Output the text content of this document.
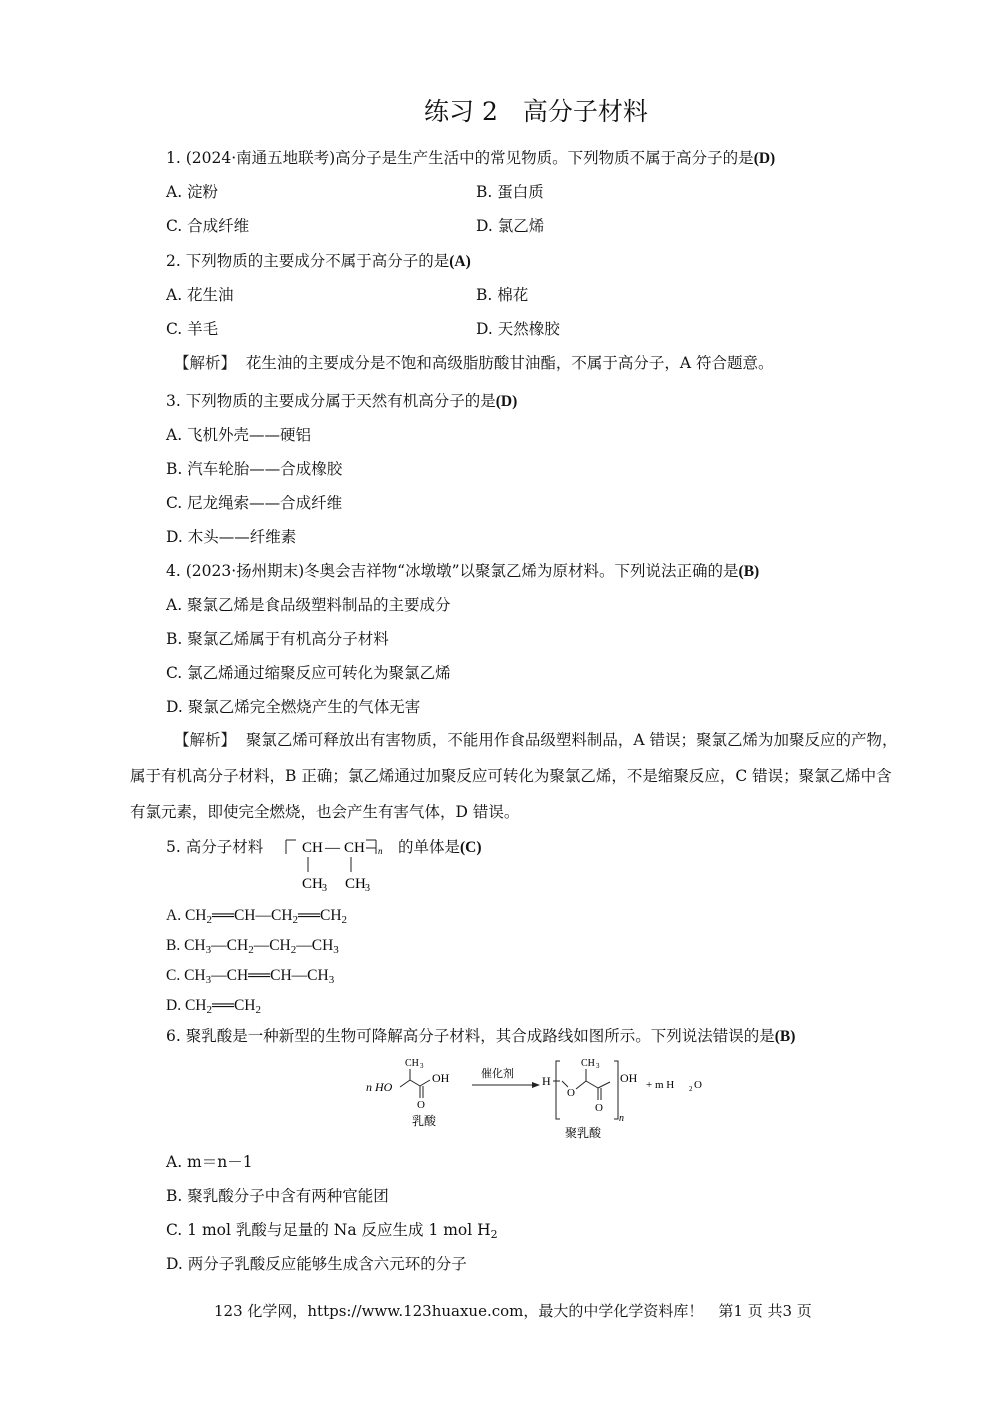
练习 2　高分子材料
1. (2024·南通五地联考)高分子是生产生活中的常见物质。下列物质不属于高分子的是(D)
A. 淀粉	B. 蛋白质
C. 合成纤维	D. 氯乙烯
2. 下列物质的主要成分不属于高分子的是(A)
A. 花生油	B. 棉花
C. 羊毛	D. 天然橡胶
【解析】 花生油的主要成分是不饱和高级脂肪酸甘油酯，不属于高分子，A 符合题意。
3. 下列物质的主要成分属于天然有机高分子的是(D)
A. 飞机外壳——硬铝
B. 汽车轮胎——合成橡胶
C. 尼龙绳索——合成纤维
D. 木头——纤维素
4. (2023·扬州期末)冬奥会吉祥物“冰墩墩”以聚氯乙烯为原材料。下列说法正确的是(B)
A. 聚氯乙烯是食品级塑料制品的主要成分
B. 聚氯乙烯属于有机高分子材料
C. 氯乙烯通过缩聚反应可转化为聚氯乙烯
D. 聚氯乙烯完全燃烧产生的气体无害
【解析】 聚氯乙烯可释放出有害物质，不能用作食品级塑料制品，A 错误；聚氯乙烯为加聚反应的产物，属于有机高分子材料，B 正确；氯乙烯通过加聚反应可转化为聚氯乙烯，不是缩聚反应，C 错误；聚氯乙烯中含有氯元素，即使完全燃烧，也会产生有害气体，D 错误。
5. 高分子材料	CH — CH n
CH 3 CH 3
的单体是(C)
A. $CH_2══CH—CH_2══CH_2$
B. $CH_3—CH_2—CH_2—CH_3$
C. $CH_3—CH══CH—CH_3$
D. $CH_2══CH_2$
6. 聚乳酸是一种新型的生物可降解高分子材料，其合成路线如图所示。下列说法错误的是(B)
n HO
CH 3
O
OH
乳酸
催化剂 H
O
CH 3
O
OH
n
+ m H 2 O
聚乳酸
A. m＝n－1
B. 聚乳酸分子中含有两种官能团
C. 1 mol 乳酸与足量的 Na 反应生成 1 mol $H_2$
D. 两分子乳酸反应能够生成含六元环的分子
123 化学网，https://www.123huaxue.com，最大的中学化学资料库！　第1 页 共3 页
